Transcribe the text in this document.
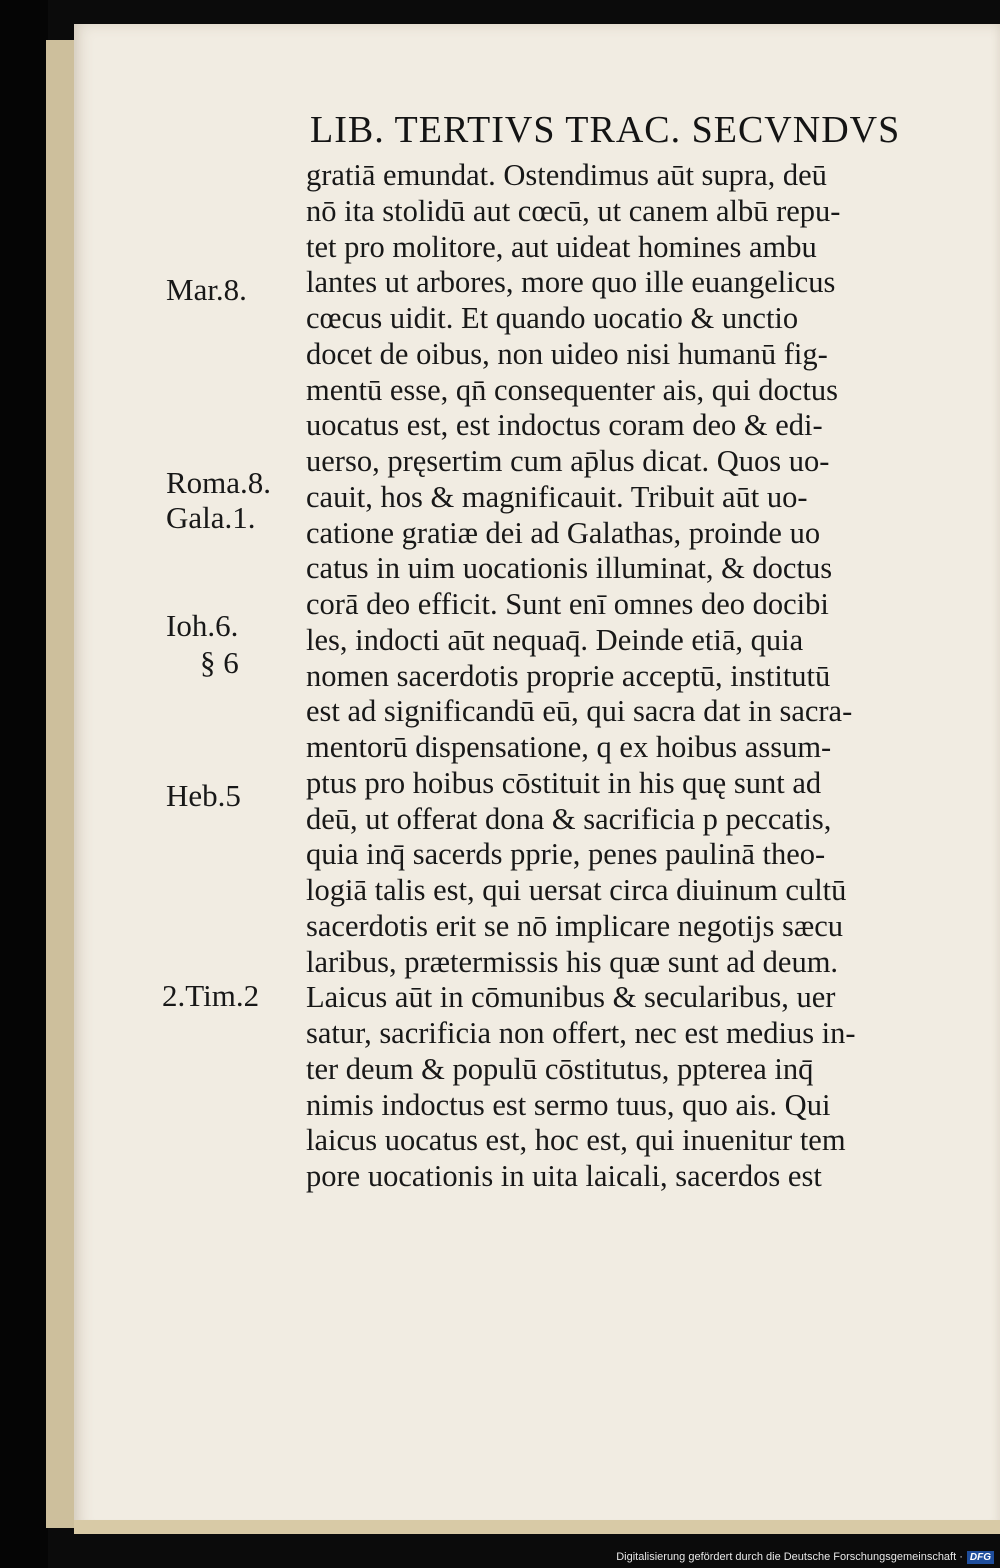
LIB. TERTIVS TRAC. SECVNDVS
gratiā emundat. Ostendimus aūt supra, deū
nō ita stolidū aut cœcū, ut canem albū repu-
tet pro molitore, aut uideat homines ambu
lantes ut arbores, more quo ille euangelicus
cœcus uidit. Et quando uocatio & unctio
docet de oibus, non uideo nisi humanū fig-
mentū esse, qn̄ consequenter ais, qui doctus
uocatus est, est indoctus coram deo & edi-
uerso, pręsertim cum ap̄lus dicat. Quos uo-
cauit, hos & magnificauit. Tribuit aūt uo-
catione gratiæ dei ad Galathas, proinde uo
catus in uim uocationis illuminat, & doctus
corā deo efficit. Sunt enī omnes deo docibi
les, indocti aūt nequaq̄. Deinde etiā, quia
nomen sacerdotis proprie acceptū, institutū
est ad significandū eū, qui sacra dat in sacra-
mentorū dispensatione, q ex hoibus assum-
ptus pro hoibus cōstituit in his quę sunt ad
deū, ut offerat dona & sacrificia p peccatis,
quia inq̄ sacerds pprie, penes paulinā theo-
logiā talis est, qui uersat circa diuinum cultū
sacerdotis erit se nō implicare negotijs sæcu
laribus, prætermissis his quæ sunt ad deum.
Laicus aūt in cōmunibus & secularibus, uer
satur, sacrificia non offert, nec est medius in-
ter deum & populū cōstitutus, ppterea inq̄
nimis indoctus est sermo tuus, quo ais. Qui
laicus uocatus est, hoc est, qui inuenitur tem
pore uocationis in uita laicali, sacerdos est
Mar.8.
Roma.8.
Gala.1.
Ioh.6.
§ 6
Heb.5
2.Tim.2
Digitalisierung gefördert durch die Deutsche Forschungsgemeinschaft · DFG
